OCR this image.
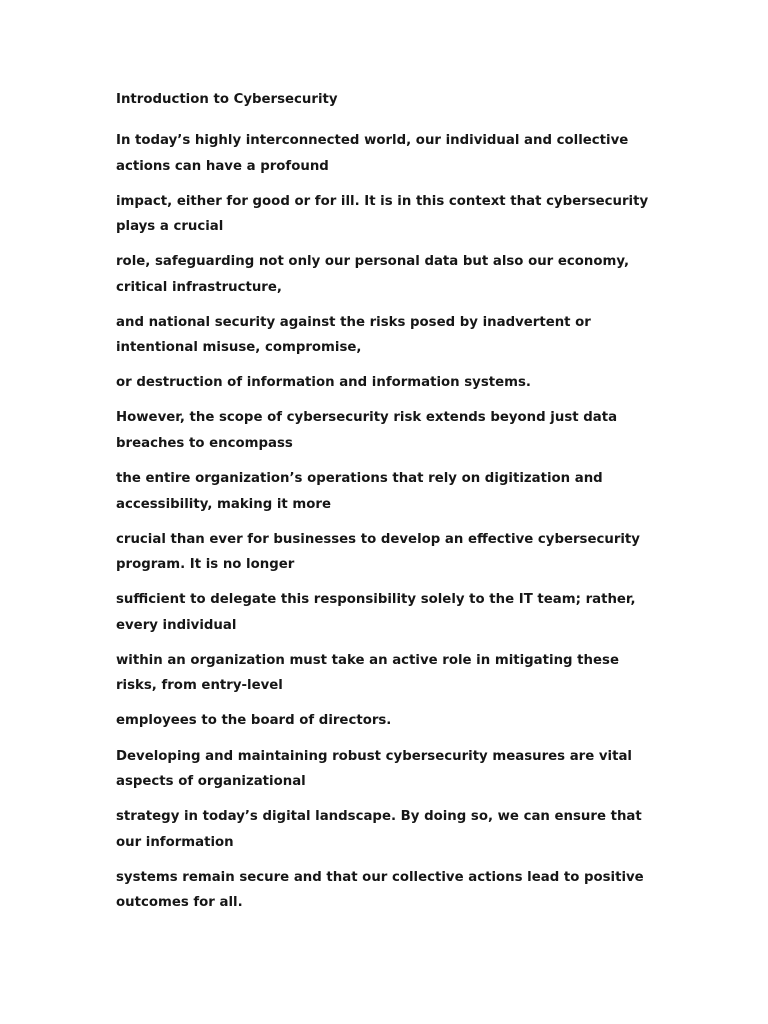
Introduction to Cybersecurity
In today’s highly interconnected world, our individual and collective actions can have a profound
impact, either for good or for ill. It is in this context that cybersecurity plays a crucial
role, safeguarding not only our personal data but also our economy, critical infrastructure,
and national security against the risks posed by inadvertent or intentional misuse, compromise,
or destruction of information and information systems.
However, the scope of cybersecurity risk extends beyond just data breaches to encompass
the entire organization’s operations that rely on digitization and accessibility, making it more
crucial than ever for businesses to develop an effective cybersecurity program. It is no longer
sufficient to delegate this responsibility solely to the IT team; rather, every individual
within an organization must take an active role in mitigating these risks, from entry-level
employees to the board of directors.
Developing and maintaining robust cybersecurity measures are vital aspects of organizational
strategy in today’s digital landscape. By doing so, we can ensure that our information
systems remain secure and that our collective actions lead to positive outcomes for all.
